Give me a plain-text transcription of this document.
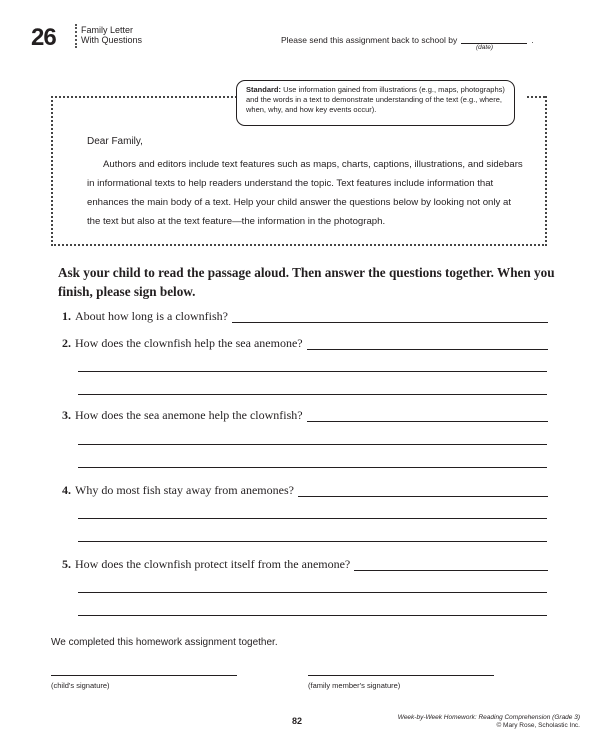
26	Family Letter
With Questions	Please send this assignment back to school by	.
(date)
Standard: Use information gained from illustrations (e.g., maps, photographs) and the words in a text to demonstrate understanding of the text (e.g., where, when, why, and how key events occur).
Dear Family,
Authors and editors include text features such as maps, charts, captions, illustrations, and sidebars in informational texts to help readers understand the topic. Text features include information that enhances the main body of a text. Help your child answer the questions below by looking not only at the text but also at the text feature—the information in the photograph.
Ask your child to read the passage aloud. Then answer the questions together. When you finish, please sign below.
1. About how long is a clownfish?
2. How does the clownfish help the sea anemone?
3. How does the sea anemone help the clownfish?
4. Why do most fish stay away from anemones?
5. How does the clownfish protect itself from the anemone?
We completed this homework assignment together.
(child's signature)	(family member's signature)
82	Week-by-Week Homework: Reading Comprehension (Grade 3)
© Mary Rose, Scholastic Inc.
